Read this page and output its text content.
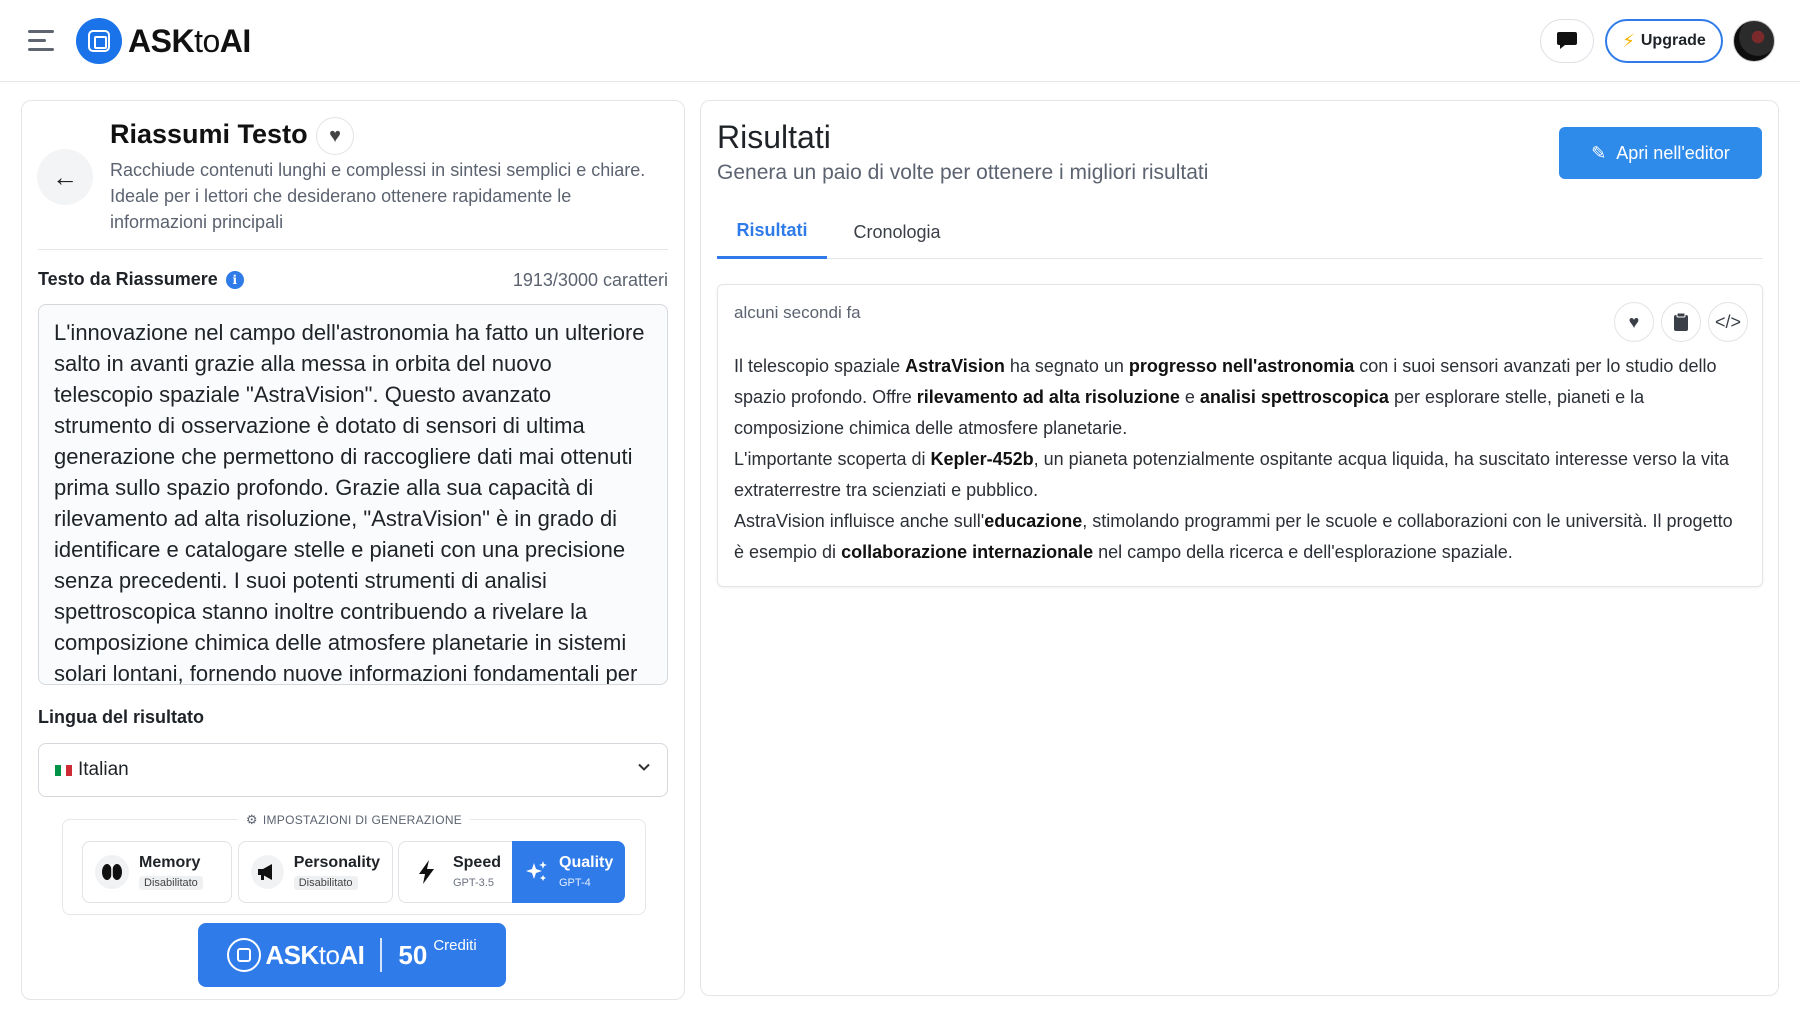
ASKtoAI	⚡ Upgrade
←
Riassumi Testo ♥
Racchiude contenuti lunghi e complessi in sintesi semplici e chiare. Ideale per i lettori che desiderano ottenere rapidamente le informazioni principali
Testo da Riassumere	i	1913/3000 caratteri
L'innovazione nel campo dell'astronomia ha fatto un ulteriore salto in avanti grazie alla messa in orbita del nuovo telescopio spaziale "AstraVision". Questo avanzato strumento di osservazione è dotato di sensori di ultima generazione che permettono di raccogliere dati mai ottenuti prima sullo spazio profondo. Grazie alla sua capacità di rilevamento ad alta risoluzione, "AstraVision" è in grado di identificare e catalogare stelle e pianeti con una precisione senza precedenti. I suoi potenti strumenti di analisi spettroscopica stanno inoltre contribuendo a rivelare la composizione chimica delle atmosfere planetarie in sistemi solari lontani, fornendo nuove informazioni fondamentali per
Lingua del risultato
Italian
⚙ IMPOSTAZIONI DI GENERAZIONE
Memory
Disabilitato
Personality
Disabilitato
Speed
GPT-3.5
Quality
GPT-4
ASKtoAI 50 Crediti
Risultati
Genera un paio di volte per ottenere i migliori risultati
✎ Apri nell'editor
Risultati	Cronologia
alcuni secondi fa	♥	</>

Il telescopio spaziale AstraVision ha segnato un progresso nell'astronomia con i suoi sensori avanzati per lo studio dello spazio profondo. Offre rilevamento ad alta risoluzione e analisi spettroscopica per esplorare stelle, pianeti e la composizione chimica delle atmosfere planetarie.

L'importante scoperta di Kepler-452b, un pianeta potenzialmente ospitante acqua liquida, ha suscitato interesse verso la vita extraterrestre tra scienziati e pubblico.

AstraVision influisce anche sull'educazione, stimolando programmi per le scuole e collaborazioni con le università. Il progetto è esempio di collaborazione internazionale nel campo della ricerca e dell'esplorazione spaziale.
